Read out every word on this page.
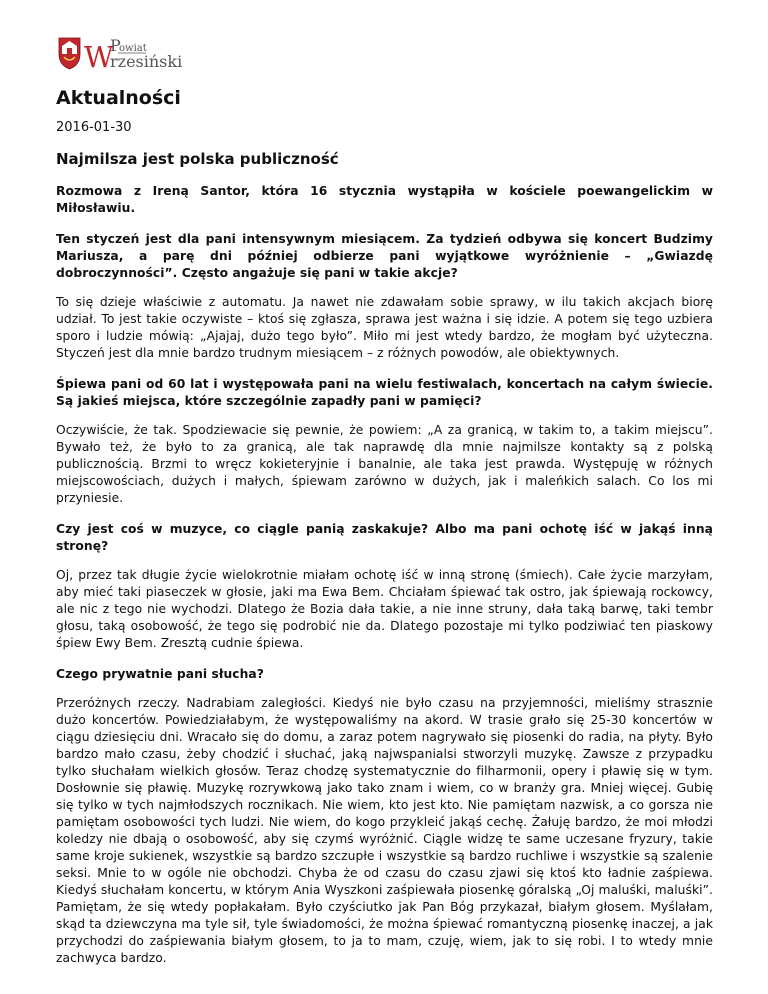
W
P
owiat
rzesiński
Aktualności
2016-01-30
Najmilsza jest polska publiczność

Rozmowa z Ireną Santor, która 16 stycznia wystąpiła w kościele poewangelickim w Miłosławiu.

Ten styczeń jest dla pani intensywnym miesiącem. Za tydzień odbywa się koncert Budzimy Mariusza, a parę dni później odbierze pani wyjątkowe wyróżnienie – „Gwiazdę dobroczynności”. Często angażuje się pani w takie akcje?

To się dzieje właściwie z automatu. Ja nawet nie zdawałam sobie sprawy, w ilu takich akcjach biorę udział. To jest takie oczywiste – ktoś się zgłasza, sprawa jest ważna i się idzie. A potem się tego uzbiera sporo i ludzie mówią: „Ajajaj, dużo tego było”. Miło mi jest wtedy bardzo, że mogłam być użyteczna. Styczeń jest dla mnie bardzo trudnym miesiącem – z różnych powodów, ale obiektywnych.

Śpiewa pani od 60 lat i występowała pani na wielu festiwalach, koncertach na całym świecie. Są jakieś miejsca, które szczególnie zapadły pani w pamięci?

Oczywiście, że tak. Spodziewacie się pewnie, że powiem: „A za granicą, w takim to, a takim miejscu”. Bywało też, że było to za granicą, ale tak naprawdę dla mnie najmilsze kontakty są z polską publicznością. Brzmi to wręcz kokieteryjnie i banalnie, ale taka jest prawda. Występuję w różnych miejscowościach, dużych i małych, śpiewam zarówno w dużych, jak i maleńkich salach. Co los mi przyniesie.

Czy jest coś w muzyce, co ciągle panią zaskakuje? Albo ma pani ochotę iść w jakąś inną stronę?

Oj, przez tak długie życie wielokrotnie miałam ochotę iść w inną stronę (śmiech). Całe życie marzyłam, aby mieć taki piaseczek w głosie, jaki ma Ewa Bem. Chciałam śpiewać tak ostro, jak śpiewają rockowcy, ale nic z tego nie wychodzi. Dlatego że Bozia dała takie, a nie inne struny, dała taką barwę, taki tembr głosu, taką osobowość, że tego się podrobić nie da. Dlatego pozostaje mi tylko podziwiać ten piaskowy śpiew Ewy Bem. Zresztą cudnie śpiewa.

Czego prywatnie pani słucha?

Przeróżnych rzeczy. Nadrabiam zaległości. Kiedyś nie było czasu na przyjemności, mieliśmy strasznie dużo koncertów. Powiedziałabym, że występowaliśmy na akord. W trasie grało się 25-30 koncertów w ciągu dziesięciu dni. Wracało się do domu, a zaraz potem nagrywało się piosenki do radia, na płyty. Było bardzo mało czasu, żeby chodzić i słuchać, jaką najwspanialsi stworzyli muzykę. Zawsze z przypadku tylko słuchałam wielkich głosów. Teraz chodzę systematycznie do filharmonii, opery i pławię się w tym. Dosłownie się pławię. Muzykę rozrywkową jako tako znam i wiem, co w branży gra. Mniej więcej. Gubię się tylko w tych najmłodszych rocznikach. Nie wiem, kto jest kto. Nie pamiętam nazwisk, a co gorsza nie pamiętam osobowości tych ludzi. Nie wiem, do kogo przykleić jakąś cechę. Żałuję bardzo, że moi młodzi koledzy nie dbają o osobowość, aby się czymś wyróżnić. Ciągle widzę te same uczesane fryzury, takie same kroje sukienek, wszystkie są bardzo szczupłe i wszystkie są bardzo ruchliwe i wszystkie są szalenie seksi. Mnie to w ogóle nie obchodzi. Chyba że od czasu do czasu zjawi się ktoś kto ładnie zaśpiewa. Kiedyś słuchałam koncertu, w którym Ania Wyszkoni zaśpiewała piosenkę góralską „Oj maluśki, maluśki”. Pamiętam, że się wtedy popłakałam. Było czyściutko jak Pan Bóg przykazał, białym głosem. Myślałam, skąd ta dziewczyna ma tyle sił, tyle świadomości, że można śpiewać romantyczną piosenkę inaczej, a jak przychodzi do zaśpiewania białym głosem, to ja to mam, czuję, wiem, jak to się robi. I to wtedy mnie zachwyca bardzo.
